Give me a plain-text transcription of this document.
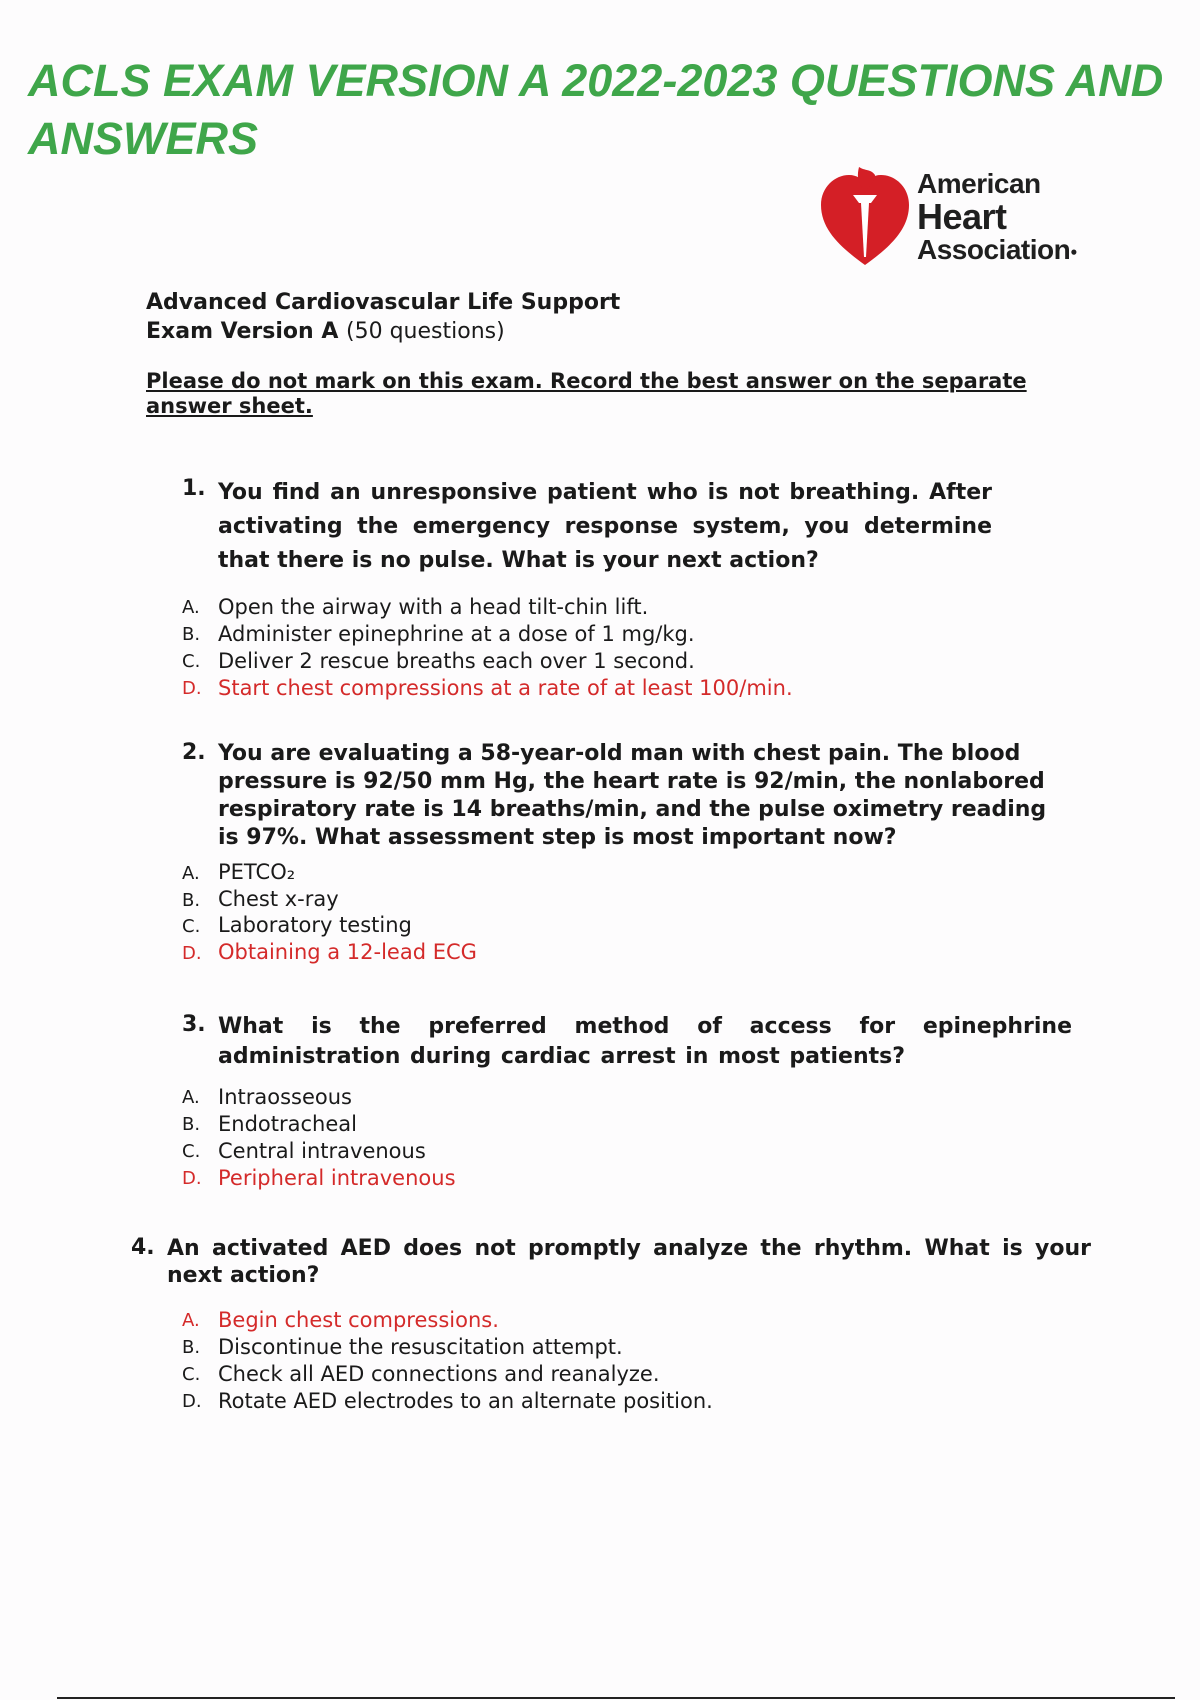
ACLS EXAM VERSION A 2022-2023 QUESTIONS AND ANSWERS
American
Heart
Association●
Advanced Cardiovascular Life Support
Exam Version A (50 questions)
Please do not mark on this exam. Record the best answer on the separate answer sheet.
1. You find an unresponsive patient who is not breathing. After activating the emergency response system, you determine that there is no pulse. What is your next action?
A. Open the airway with a head tilt-chin lift.
B. Administer epinephrine at a dose of 1 mg/kg.
C. Deliver 2 rescue breaths each over 1 second.
D. Start chest compressions at a rate of at least 100/min.
2. You are evaluating a 58-year-old man with chest pain. The blood pressure is 92/50 mm Hg, the heart rate is 92/min, the nonlabored respiratory rate is 14 breaths/min, and the pulse oximetry reading is 97%. What assessment step is most important now?
A. PETCO₂
B. Chest x-ray
C. Laboratory testing
D. Obtaining a 12-lead ECG
3. What is the preferred method of access for epinephrine administration during cardiac arrest in most patients?
A. Intraosseous
B. Endotracheal
C. Central intravenous
D. Peripheral intravenous
4. An activated AED does not promptly analyze the rhythm. What is your next action?
A. Begin chest compressions.
B. Discontinue the resuscitation attempt.
C. Check all AED connections and reanalyze.
D. Rotate AED electrodes to an alternate position.
